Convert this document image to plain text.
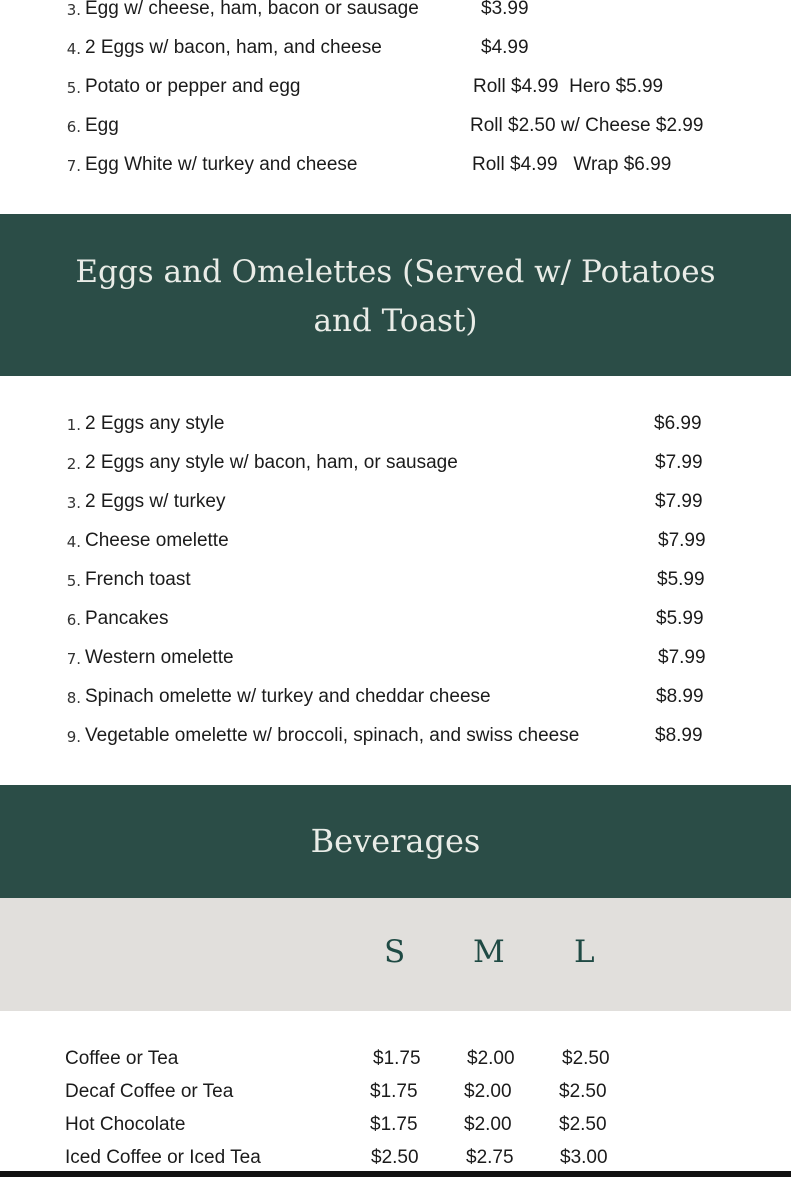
3. Egg w/ cheese, ham, bacon or sausage	$3.99
4. 2 Eggs w/ bacon, ham, and cheese	$4.99
5. Potato or pepper and egg	Roll $4.99  Hero $5.99
6. Egg	Roll $2.50 w/ Cheese $2.99
7. Egg White w/ turkey and cheese	Roll $4.99   Wrap $6.99
Eggs and Omelettes (Served w/ Potatoes and Toast)
1. 2 Eggs any style	$6.99
2. 2 Eggs any style w/ bacon, ham, or sausage	$7.99
3. 2 Eggs w/ turkey	$7.99
4. Cheese omelette	$7.99
5. French toast	$5.99
6. Pancakes	$5.99
7. Western omelette	$7.99
8. Spinach omelette w/ turkey and cheddar cheese	$8.99
9. Vegetable omelette w/ broccoli, spinach, and swiss cheese	$8.99
Beverages
S M L
Coffee or Tea	$1.75 $2.00 $2.50
Decaf Coffee or Tea	$1.75 $2.00 $2.50
Hot Chocolate	$1.75 $2.00 $2.50
Iced Coffee or Iced Tea	$2.50 $2.75 $3.00
